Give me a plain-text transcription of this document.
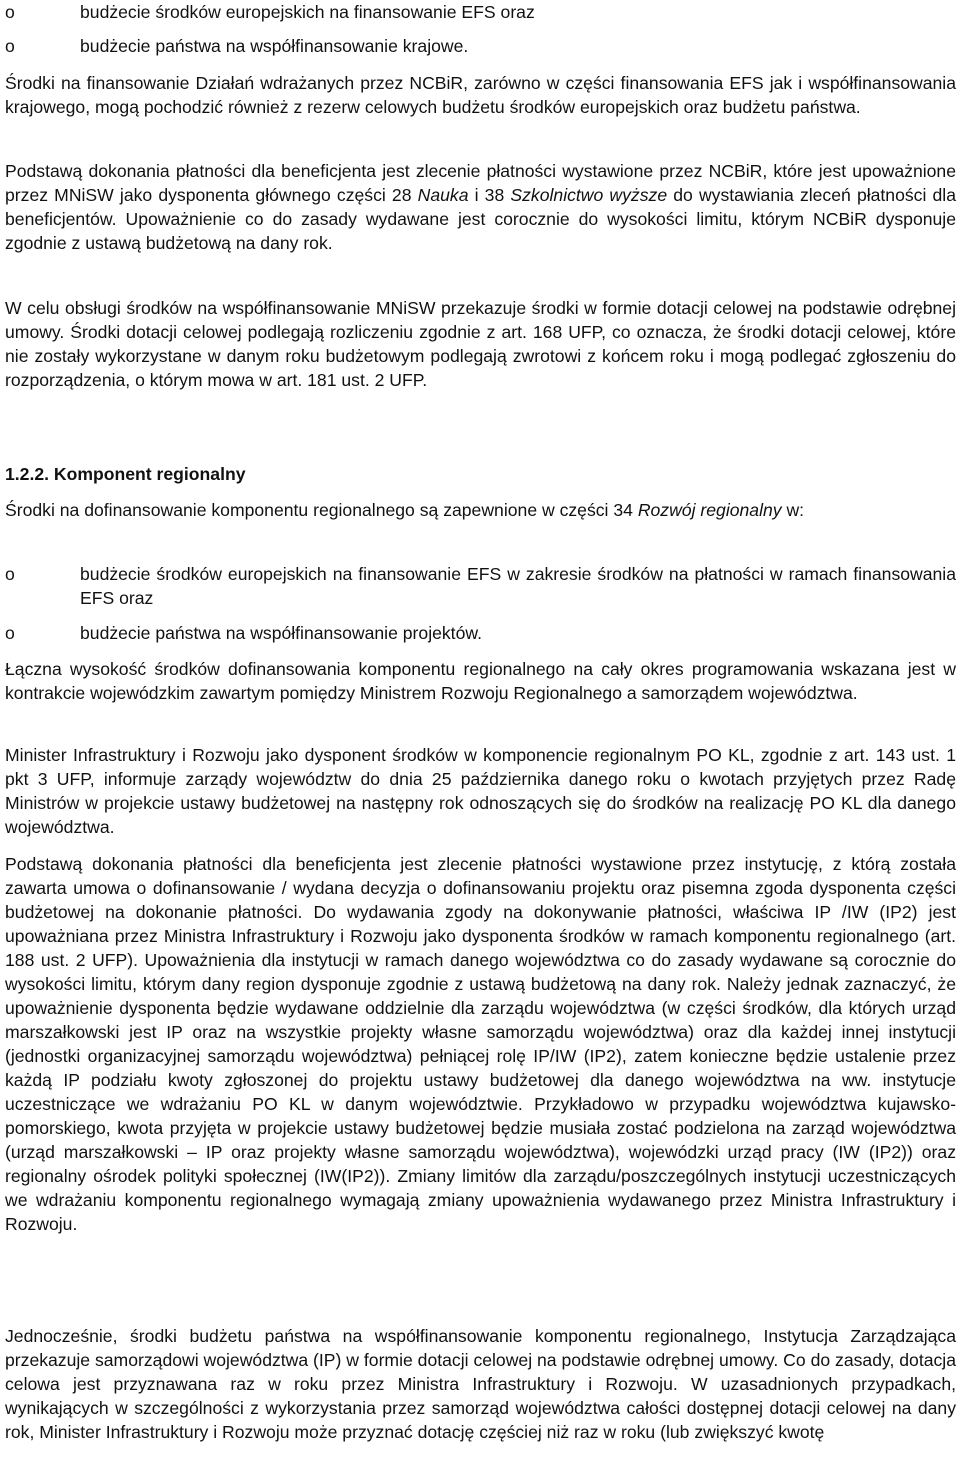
o	budżecie środków europejskich na finansowanie EFS oraz
o	budżecie państwa na współfinansowanie krajowe.

Środki na finansowanie Działań wdrażanych przez NCBiR, zarówno w części finansowania EFS jak i współfinansowania krajowego, mogą pochodzić również z rezerw celowych budżetu środków europejskich oraz budżetu państwa.

Podstawą dokonania płatności dla beneficjenta jest zlecenie płatności wystawione przez NCBiR, które jest upoważnione przez MNiSW jako dysponenta głównego części 28 Nauka i 38 Szkolnictwo wyższe do wystawiania zleceń płatności dla beneficjentów. Upoważnienie co do zasady wydawane jest corocznie do wysokości limitu, którym NCBiR dysponuje zgodnie z ustawą budżetową na dany rok.

W celu obsługi środków na współfinansowanie MNiSW przekazuje środki w formie dotacji celowej na podstawie odrębnej umowy. Środki dotacji celowej podlegają rozliczeniu zgodnie z art. 168 UFP, co oznacza, że środki dotacji celowej, które nie zostały wykorzystane w danym roku budżetowym podlegają zwrotowi z końcem roku i mogą podlegać zgłoszeniu do rozporządzenia, o którym mowa w art. 181 ust. 2 UFP.

1.2.2. Komponent regionalny

Środki na dofinansowanie komponentu regionalnego są zapewnione w części 34 Rozwój regionalny w:

o	budżecie środków europejskich na finansowanie EFS w zakresie środków na płatności w ramach finansowania EFS oraz

o	budżecie państwa na współfinansowanie projektów.

Łączna wysokość środków dofinansowania komponentu regionalnego na cały okres programowania wskazana jest w kontrakcie wojewódzkim zawartym pomiędzy Ministrem Rozwoju Regionalnego a samorządem województwa.

Minister Infrastruktury i Rozwoju jako dysponent środków w komponencie regionalnym PO KL, zgodnie z art. 143 ust. 1 pkt 3 UFP, informuje zarządy województw do dnia 25 października danego roku o kwotach przyjętych przez Radę Ministrów w projekcie ustawy budżetowej na następny rok odnoszących się do środków na realizację PO KL dla danego województwa.

Podstawą dokonania płatności dla beneficjenta jest zlecenie płatności wystawione przez instytucję, z którą została zawarta umowa o dofinansowanie / wydana decyzja o dofinansowaniu projektu oraz pisemna zgoda dysponenta części budżetowej na dokonanie płatności. Do wydawania zgody na dokonywanie płatności, właściwa IP /IW (IP2) jest upoważniana przez Ministra Infrastruktury i Rozwoju jako dysponenta środków w ramach komponentu regionalnego (art. 188 ust. 2 UFP). Upoważnienia dla instytucji w ramach danego województwa co do zasady wydawane są corocznie do wysokości limitu, którym dany region dysponuje zgodnie z ustawą budżetową na dany rok. Należy jednak zaznaczyć, że upoważnienie dysponenta będzie wydawane oddzielnie dla zarządu województwa (w części środków, dla których urząd marszałkowski jest IP oraz na wszystkie projekty własne samorządu województwa) oraz dla każdej innej instytucji (jednostki organizacyjnej samorządu województwa) pełniącej rolę IP/IW (IP2), zatem konieczne będzie ustalenie przez każdą IP podziału kwoty zgłoszonej do projektu ustawy budżetowej dla danego województwa na ww. instytucje uczestniczące we wdrażaniu PO KL w danym województwie. Przykładowo w przypadku województwa kujawsko-pomorskiego, kwota przyjęta w projekcie ustawy budżetowej będzie musiała zostać podzielona na zarząd województwa (urząd marszałkowski – IP oraz projekty własne samorządu województwa), wojewódzki urząd pracy (IW (IP2)) oraz regionalny ośrodek polityki społecznej (IW(IP2)). Zmiany limitów dla zarządu/poszczególnych instytucji uczestniczących we wdrażaniu komponentu regionalnego wymagają zmiany upoważnienia wydawanego przez Ministra Infrastruktury i Rozwoju.

Jednocześnie, środki budżetu państwa na współfinansowanie komponentu regionalnego, Instytucja Zarządzająca przekazuje samorządowi województwa (IP) w formie dotacji celowej na podstawie odrębnej umowy. Co do zasady, dotacja celowa jest przyznawana raz w roku przez Ministra Infrastruktury i Rozwoju. W uzasadnionych przypadkach, wynikających w szczególności z wykorzystania przez samorząd województwa całości dostępnej dotacji celowej na dany rok, Minister Infrastruktury i Rozwoju może przyznać dotację częściej niż raz w roku (lub zwiększyć kwotę
